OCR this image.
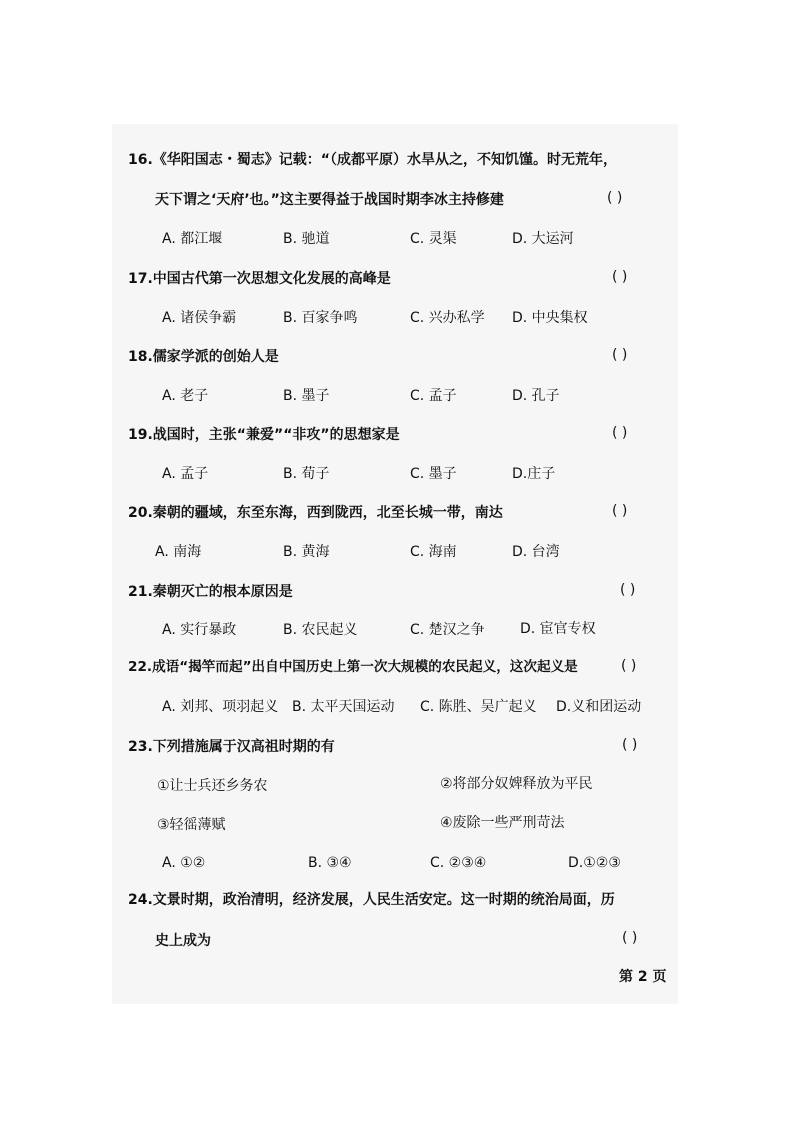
16.《华阳国志・蜀志》记载：“（成都平原）水旱从之，不知饥馑。时无荒年，
天下谓之‘天府’也。”这主要得益于战国时期李冰主持修建	( )
A. 都江堰	B. 驰道	C. 灵渠	D. 大运河
17.中国古代第一次思想文化发展的高峰是	( )
A. 诸侯争霸	B. 百家争鸣	C. 兴办私学 D. 中央集权
18.儒家学派的创始人是	( )
A. 老子	B. 墨子	C. 孟子	D. 孔子
19.战国时，主张“兼爱”“非攻”的思想家是	( )
A. 孟子	B. 荀子	C. 墨子	D.庄子
20.秦朝的疆域，东至东海，西到陇西，北至长城一带，南达	( )
A. 南海	B. 黄海	C. 海南	D. 台湾
21.秦朝灭亡的根本原因是	( )
A. 实行暴政	B. 农民起义	C. 楚汉之争	D. 宦官专权
22.成语“揭竿而起”出自中国历史上第一次大规模的农民起义，这次起义是	( )
A. 刘邦、项羽起义 B. 太平天国运动 C. 陈胜、吴广起义 D.义和团运动
23.下列措施属于汉高祖时期的有	( )
①让士兵还乡务农	②将部分奴婢释放为平民
③轻徭薄赋	④废除一些严刑苛法
A. ①②	B. ③④	C. ②③④	D.①②③
24.文景时期，政治清明，经济发展，人民生活安定。这一时期的统治局面，历
史上成为	( )
第 2 页
